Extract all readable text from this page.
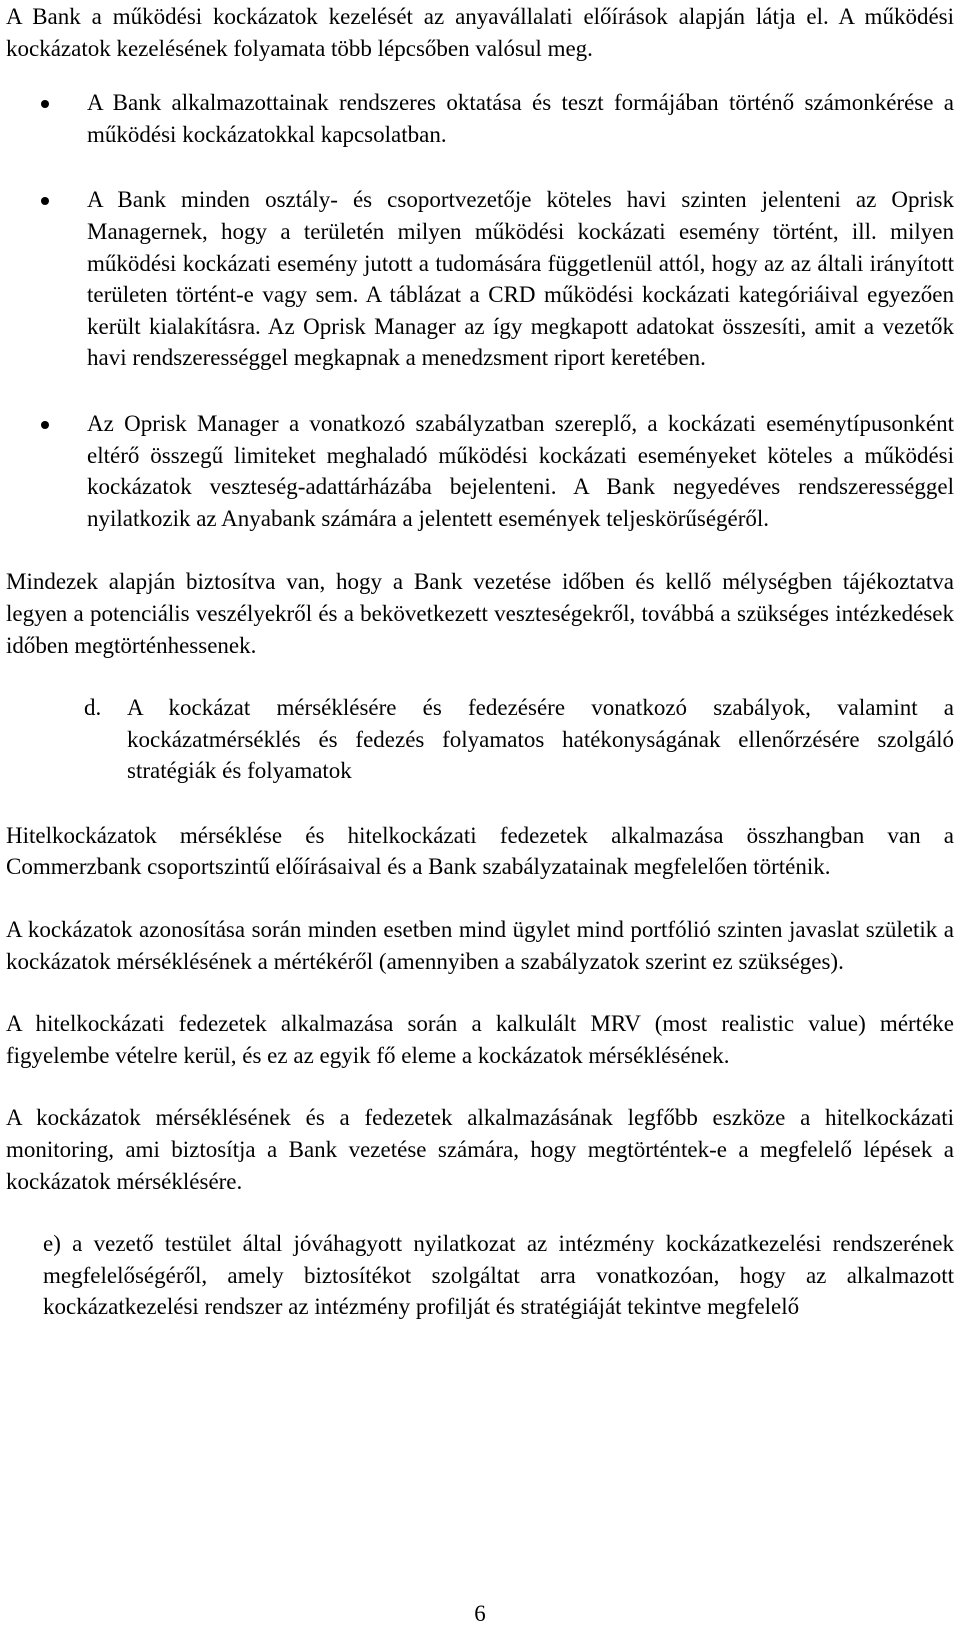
A Bank a működési kockázatok kezelését az anyavállalati előírások alapján látja el. A működési kockázatok kezelésének folyamata több lépcsőben valósul meg.

A Bank alkalmazottainak rendszeres oktatása és teszt formájában történő számonkérése a működési kockázatokkal kapcsolatban.

A Bank minden osztály- és csoportvezetője köteles havi szinten jelenteni az Oprisk Managernek, hogy a területén milyen működési kockázati esemény történt, ill. milyen működési kockázati esemény jutott a tudomására függetlenül attól, hogy az az általi irányított területen történt-e vagy sem. A táblázat a CRD működési kockázati kategóriáival egyezően került kialakításra. Az Oprisk Manager az így megkapott adatokat összesíti, amit a vezetők havi rendszerességgel megkapnak a menedzsment riport keretében.

Az Oprisk Manager a vonatkozó szabályzatban szereplő, a kockázati eseménytípusonként eltérő összegű limiteket meghaladó működési kockázati eseményeket köteles a működési kockázatok veszteség-adattárházába bejelenteni. A Bank negyedéves rendszerességgel nyilatkozik az Anyabank számára a jelentett események teljeskörűségéről.

Mindezek alapján biztosítva van, hogy a Bank vezetése időben és kellő mélységben tájékoztatva legyen a potenciális veszélyekről és a bekövetkezett veszteségekről, továbbá a szükséges intézkedések időben megtörténhessenek.

d. A kockázat mérséklésére és fedezésére vonatkozó szabályok, valamint a kockázatmérséklés és fedezés folyamatos hatékonyságának ellenőrzésére szolgáló stratégiák és folyamatok

Hitelkockázatok mérséklése és hitelkockázati fedezetek alkalmazása összhangban van a Commerzbank csoportszintű előírásaival és a Bank szabályzatainak megfelelően történik.

A kockázatok azonosítása során minden esetben mind ügylet mind portfólió szinten javaslat születik a kockázatok mérséklésének a mértékéről (amennyiben a szabályzatok szerint ez szükséges).

A hitelkockázati fedezetek alkalmazása során a kalkulált MRV (most realistic value) mértéke figyelembe vételre kerül, és ez az egyik fő eleme a kockázatok mérséklésének.

A kockázatok mérséklésének és a fedezetek alkalmazásának legfőbb eszköze a hitelkockázati monitoring, ami biztosítja a Bank vezetése számára, hogy megtörténtek-e a megfelelő lépések a kockázatok mérséklésére.

e) a vezető testület által jóváhagyott nyilatkozat az intézmény kockázatkezelési rendszerének megfelelőségéről, amely biztosítékot szolgáltat arra vonatkozóan, hogy az alkalmazott kockázatkezelési rendszer az intézmény profilját és stratégiáját tekintve megfelelő

6
